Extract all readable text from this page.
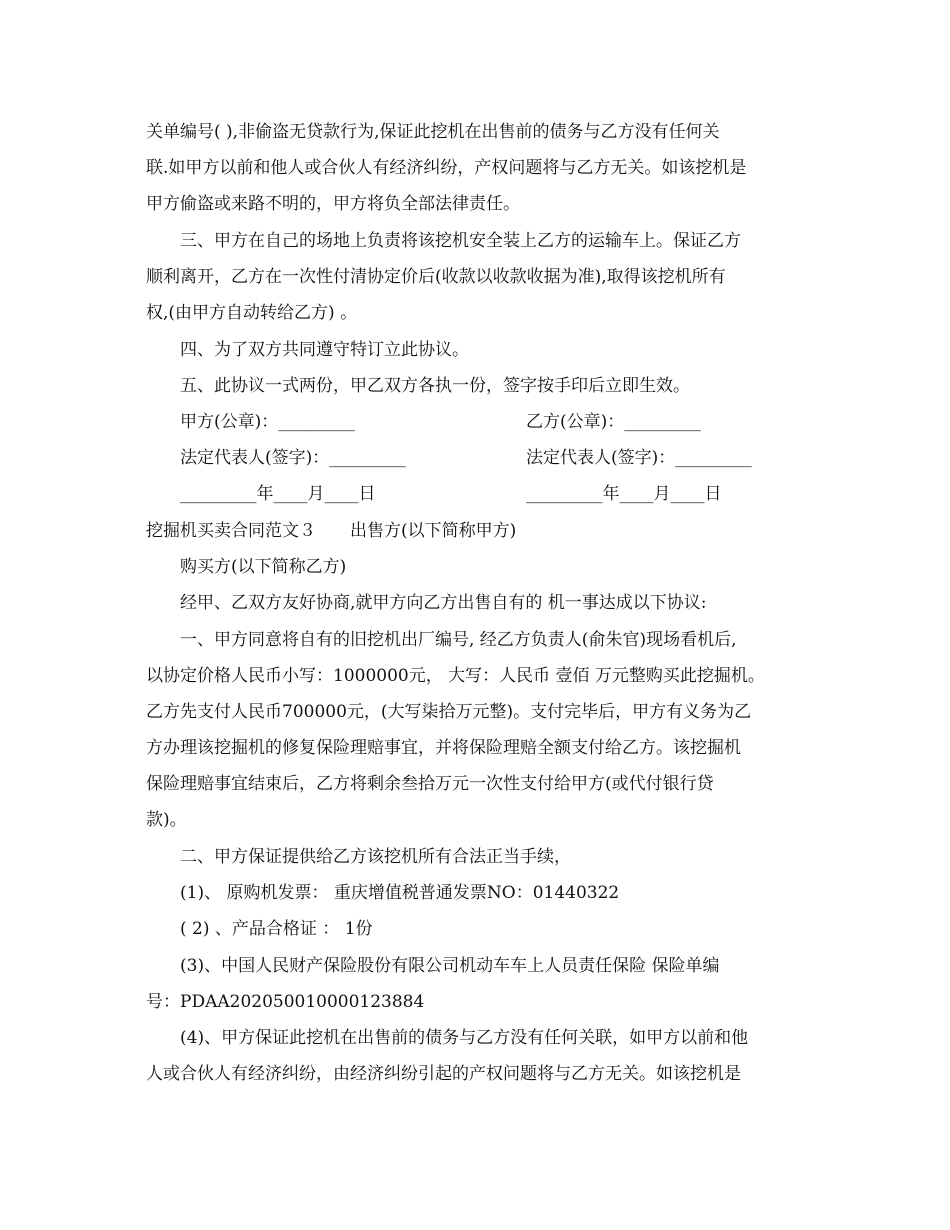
关单编号( ),非偷盗无贷款行为,保证此挖机在出售前的债务与乙方没有任何关
联.如甲方以前和他人或合伙人有经济纠纷，产权问题将与乙方无关。如该挖机是
甲方偷盗或来路不明的，甲方将负全部法律责任。
三、甲方在自己的场地上负责将该挖机安全装上乙方的运输车上。保证乙方
顺利离开，乙方在一次性付清协定价后(收款以收款收据为准),取得该挖机所有
权,(由甲方自动转给乙方) 。
四、为了双方共同遵守特订立此协议。
五、此协议一式两份，甲乙双方各执一份，签字按手印后立即生效。
甲方(公章)：_________	乙方(公章)：_________
法定代表人(签字)：_________	法定代表人(签字)：_________
_________年____月____日	_________年____月____日
挖掘机买卖合同范文３　　出售方(以下简称甲方)
购买方(以下简称乙方)
经甲、乙双方友好协商,就甲方向乙方出售自有的 机一事达成以下协议:
一、甲方同意将自有的旧挖机出厂编号, 经乙方负责人(俞朱官)现场看机后,
以协定价格人民币小写：1000000元， 大写：人民币 壹佰 万元整购买此挖掘机。
乙方先支付人民币700000元，(大写柒拾万元整)。支付完毕后，甲方有义务为乙
方办理该挖掘机的修复保险理赔事宜，并将保险理赔全额支付给乙方。该挖掘机
保险理赔事宜结束后，乙方将剩余叁拾万元一次性支付给甲方(或代付银行贷
款)。
二、甲方保证提供给乙方该挖机所有合法正当手续，
(1)、 原购机发票： 重庆增值税普通发票NO：01440322
( 2) 、产品合格证 ： 1份
(3)、中国人民财产保险股份有限公司机动车车上人员责任保险 保险单编
号：PDAA202050010000123884
(4)、甲方保证此挖机在出售前的债务与乙方没有任何关联，如甲方以前和他
人或合伙人有经济纠纷，由经济纠纷引起的产权问题将与乙方无关。如该挖机是
